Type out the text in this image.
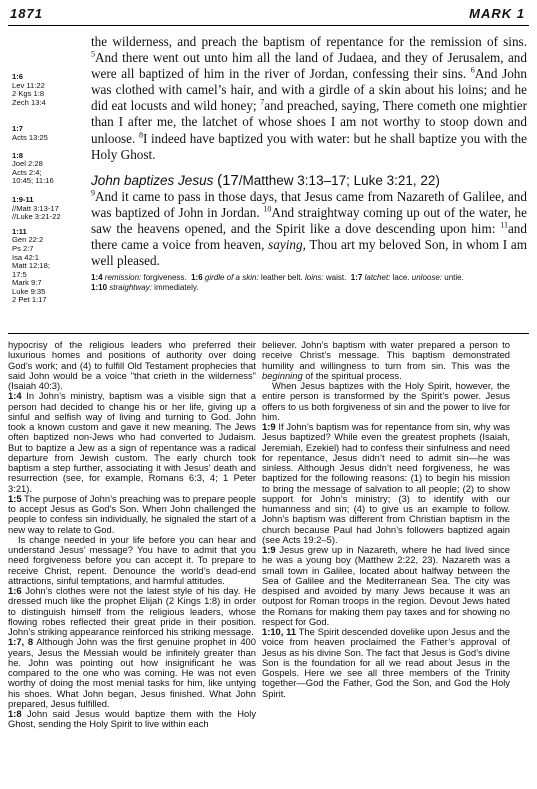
1871	MARK 1
1:6
Lev 11:22
2 Kgs 1:8
Zech 13:4
1:7
Acts 13:25
1:8
Joel 2:28
Acts 2:4;
10:45; 11:16
1:9-11
//Matt 3:13-17
//Luke 3:21-22
1:11
Gen 22:2
Ps 2:7
Isa 42:1
Matt 12:18;
17:5
Mark 9:7
Luke 9:35
2 Pet 1:17
the wilderness, and preach the baptism of repentance for the remission of sins. $^5$And there went out unto him all the land of Judaea, and they of Jerusalem, and were all baptized of him in the river of Jordan, confessing their sins. $^6$And John was clothed with camel’s hair, and with a girdle of a skin about his loins; and he did eat locusts and wild honey; $^7$and preached, saying, There cometh one mightier than I after me, the latchet of whose shoes I am not worthy to stoop down and unloose. $^8$I indeed have baptized you with water: but he shall baptize you with the Holy Ghost.
John baptizes Jesus (17/Matthew 3:13–17; Luke 3:21, 22)
$^9$And it came to pass in those days, that Jesus came from Nazareth of Galilee, and was baptized of John in Jordan. $^{10}$And straightway coming up out of the water, he saw the heavens opened, and the Spirit like a dove descending upon him: $^{11}$and there came a voice from heaven, saying, Thou art my beloved Son, in whom I am well pleased.
1:4 remission: forgiveness. 1:6 girdle of a skin: leather belt. loins: waist. 1:7 latchet: lace. unloose: untie.
1:10 straightway: immediately.

hypocrisy of the religious leaders who preferred their luxurious homes and positions of authority over doing God’s work; and (4) to fulfill Old Testament prophecies that said John would be a voice "that crieth in the wilderness" (Isaiah 40:3).

1:4 In John’s ministry, baptism was a visible sign that a person had decided to change his or her life, giving up a sinful and selfish way of living and turning to God. John took a known custom and gave it new meaning. The Jews often baptized non-Jews who had converted to Judaism. But to baptize a Jew as a sign of repentance was a radical departure from Jewish custom. The early church took baptism a step further, associating it with Jesus’ death and resurrection (see, for example, Romans 6:3, 4; 1 Peter 3:21).

1:5 The purpose of John’s preaching was to prepare people to accept Jesus as God’s Son. When John challenged the people to confess sin individually, he signaled the start of a new way to relate to God.

Is change needed in your life before you can hear and understand Jesus’ message? You have to admit that you need forgiveness before you can accept it. To prepare to receive Christ, repent. Denounce the world’s dead-end attractions, sinful temptations, and harmful attitudes.

1:6 John’s clothes were not the latest style of his day. He dressed much like the prophet Elijah (2 Kings 1:8) in order to distinguish himself from the religious leaders, whose flowing robes reflected their great pride in their position. John’s striking appearance reinforced his striking message.

1:7, 8 Although John was the first genuine prophet in 400 years, Jesus the Messiah would be infinitely greater than he. John was pointing out how insignificant he was compared to the one who was coming. He was not even worthy of doing the most menial tasks for him, like untying his shoes. What John began, Jesus finished. What John prepared, Jesus fulfilled.

1:8 John said Jesus would baptize them with the Holy Ghost, sending the Holy Spirit to live within each

believer. John’s baptism with water prepared a person to receive Christ’s message. This baptism demonstrated humility and willingness to turn from sin. This was the beginning of the spiritual process.

When Jesus baptizes with the Holy Spirit, however, the entire person is transformed by the Spirit’s power. Jesus offers to us both forgiveness of sin and the power to live for him.

1:9 If John’s baptism was for repentance from sin, why was Jesus baptized? While even the greatest prophets (Isaiah, Jeremiah, Ezekiel) had to confess their sinfulness and need for repentance, Jesus didn’t need to admit sin—he was sinless. Although Jesus didn’t need forgiveness, he was baptized for the following reasons: (1) to begin his mission to bring the message of salvation to all people; (2) to show support for John’s ministry; (3) to identify with our humanness and sin; (4) to give us an example to follow. John’s baptism was different from Christian baptism in the church because Paul had John’s followers baptized again (see Acts 19:2–5).

1:9 Jesus grew up in Nazareth, where he had lived since he was a young boy (Matthew 2:22, 23). Nazareth was a small town in Galilee, located about halfway between the Sea of Galilee and the Mediterranean Sea. The city was despised and avoided by many Jews because it was an outpost for Roman troops in the region. Devout Jews hated the Romans for making them pay taxes and for showing no respect for God.

1:10, 11 The Spirit descended dovelike upon Jesus and the voice from heaven proclaimed the Father’s approval of Jesus as his divine Son. The fact that Jesus is God’s divine Son is the foundation for all we read about Jesus in the Gospels. Here we see all three members of the Trinity together—God the Father, God the Son, and God the Holy Spirit.
